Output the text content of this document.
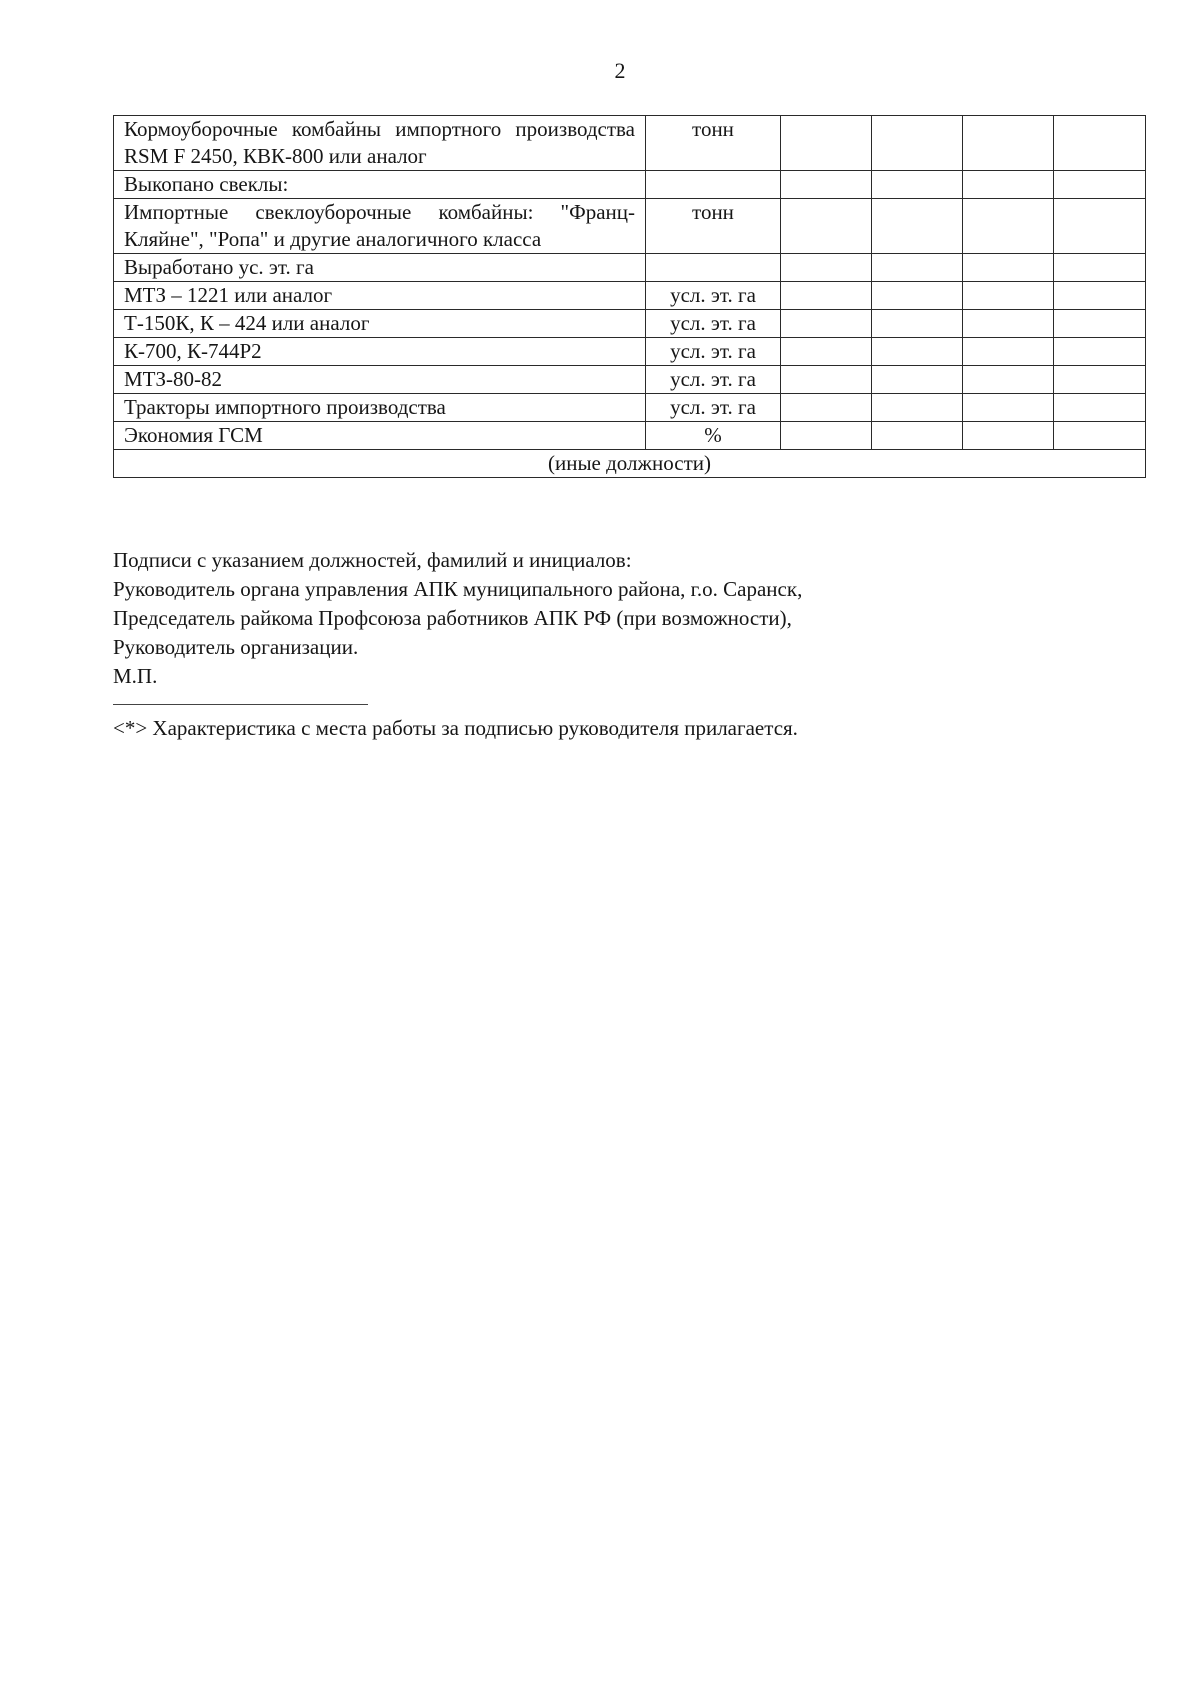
2
Кормоуборочные комбайны импортного производства RSM F 2450, КВК-800 или аналог	тонн				
Выкопано свеклы:					
Импортные свеклоуборочные комбайны: "Франц-Кляйне", "Ропа" и другие аналогичного класса	тонн				
Выработано ус. эт. га					
МТЗ – 1221 или аналог	усл. эт. га				
Т-150К, К – 424 или аналог	усл. эт. га				
К-700, К-744Р2	усл. эт. га				
МТЗ-80-82	усл. эт. га				
Тракторы импортного производства	усл. эт. га				
Экономия ГСМ	%				
(иные должности)					

Подписи с указанием должностей, фамилий и инициалов:

Руководитель органа управления АПК муниципального района, г.о. Саранск,

Председатель райкома Профсоюза работников АПК РФ (при возможности),

Руководитель организации.

М.П.

<*> Характеристика с места работы за подписью руководителя прилагается.
